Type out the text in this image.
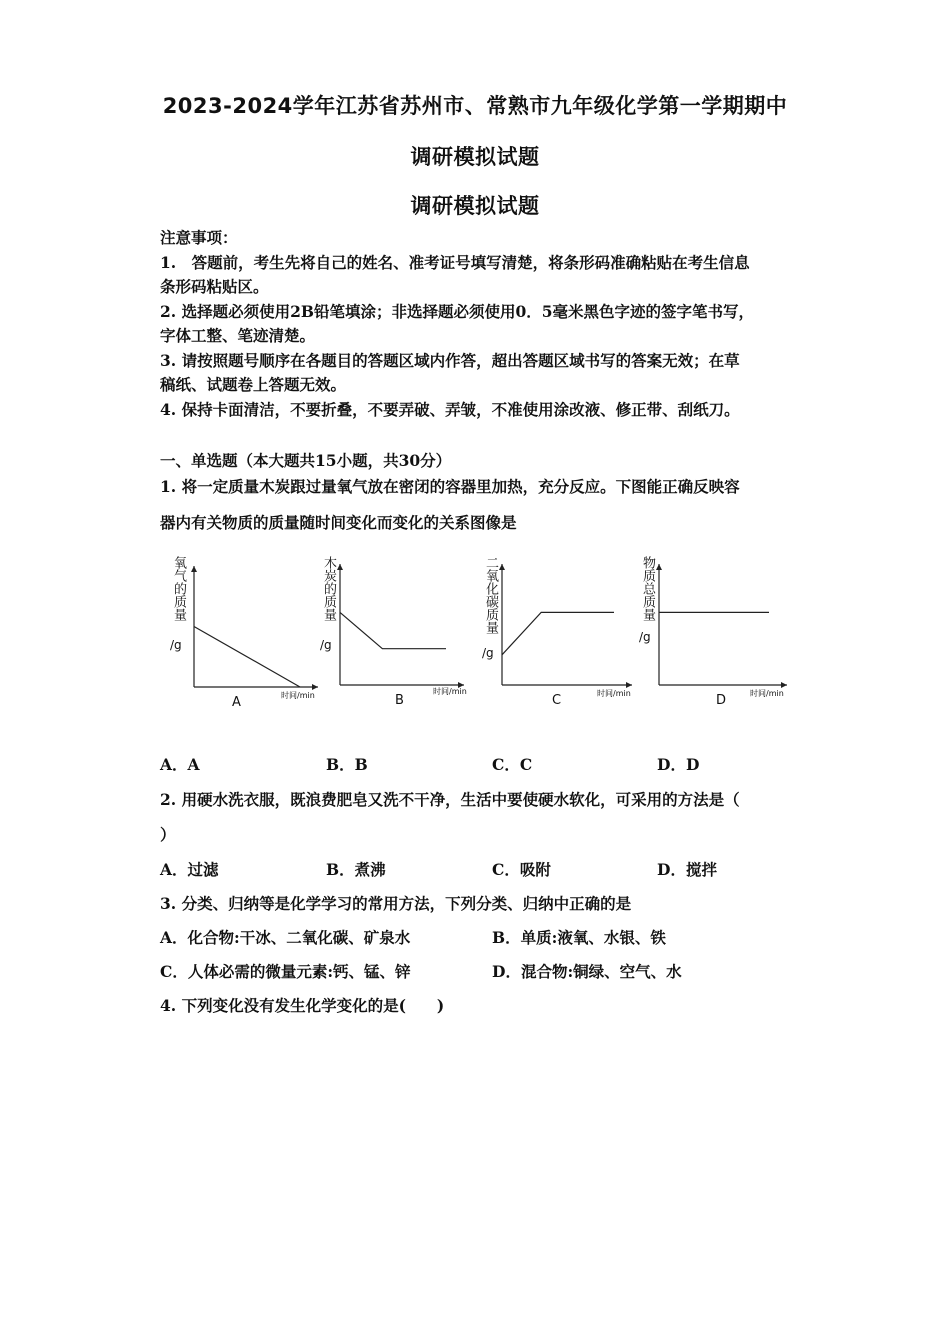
2023-2024学年江苏省苏州市、常熟市九年级化学第一学期期中
调研模拟试题
调研模拟试题
注意事项：
1.　答题前，考生先将自己的姓名、准考证号填写清楚，将条形码准确粘贴在考生信息
条形码粘贴区。
2. 选择题必须使用2B铅笔填涂；非选择题必须使用0．5毫米黑色字迹的签字笔书写，
字体工整、笔迹清楚。
3. 请按照题号顺序在各题目的答题区域内作答，超出答题区域书写的答案无效；在草
稿纸、试题卷上答题无效。
4. 保持卡面清洁，不要折叠，不要弄破、弄皱，不准使用涂改液、修正带、刮纸刀。
一、单选题（本大题共15小题，共30分）
1. 将一定质量木炭跟过量氧气放在密闭的容器里加热，充分反应。下图能正确反映容
器内有关物质的质量随时间变化而变化的关系图像是
氧气的质量
/g
时间/min
A
木炭的质量
/g
时间/min
B
二氧化碳质量
/g
时间/min
C
物质总质量
/g
时间/min
D
A．A	B．B	C．C	D．D
2. 用硬水洗衣服，既浪费肥皂又洗不干净，生活中要使硬水软化，可采用的方法是（
）
A．过滤	B．煮沸	C．吸附	D．搅拌
3. 分类、归纳等是化学学习的常用方法，下列分类、归纳中正确的是
A．化合物:干冰、二氧化碳、矿泉水	B．单质:液氧、水银、铁
C．人体必需的微量元素:钙、锰、锌	D．混合物:铜绿、空气、水
4. 下列变化没有发生化学变化的是(　　)
